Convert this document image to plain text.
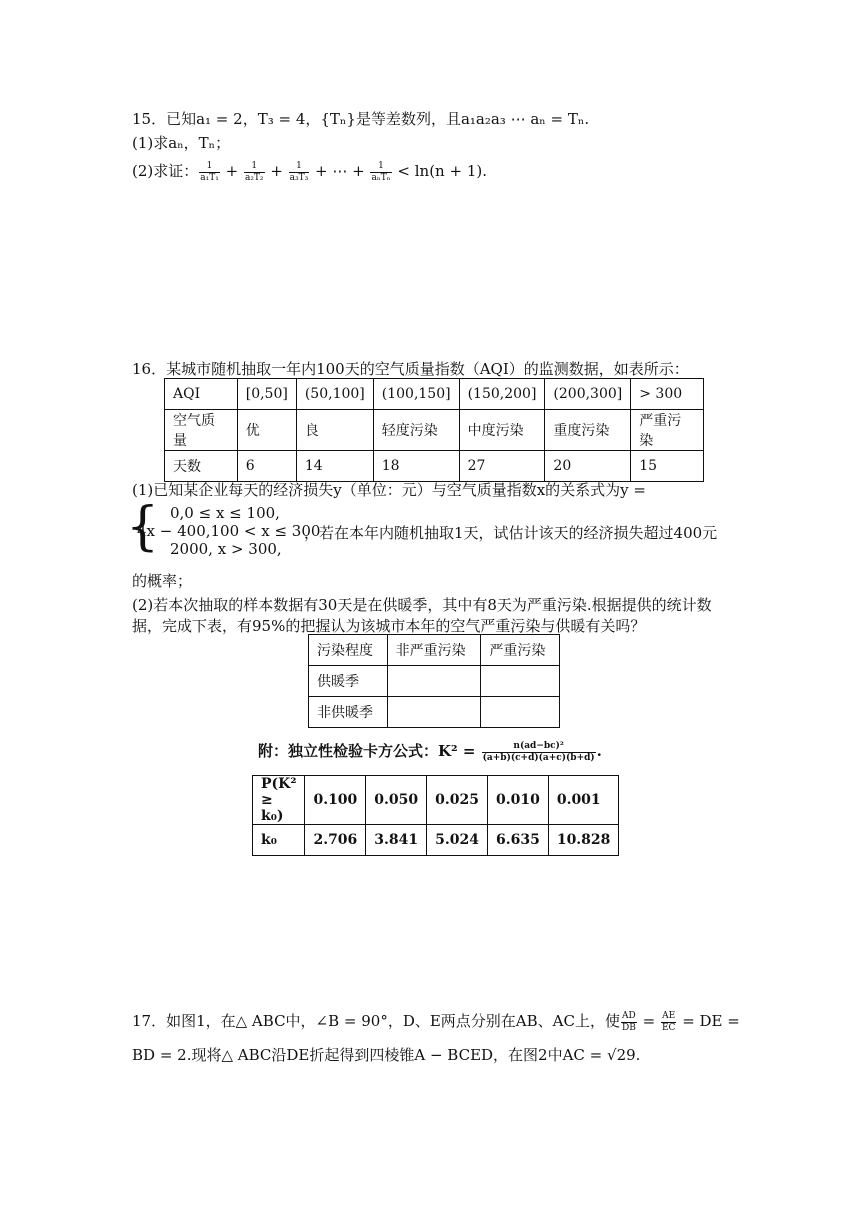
15．已知a₁ = 2，T₃ = 4，{Tₙ}是等差数列，且a₁a₂a₃ ⋯ aₙ = Tₙ.
(1)求aₙ，Tₙ；
(2)求证： $\frac{1}{\text{a₁T₁}} + \frac{1}{\text{a₂T₂}} + \frac{1}{\text{a₃T₃}}$ + ⋯ + $\frac{1}{\text{aₙTₙ}} < \ln(n + 1)$.
16．某城市随机抽取一年内100天的空气质量指数（AQI）的监测数据，如表所示：
AQI	[0,50]	(50,100]	(100,150]	(150,200]	(200,300]	> 300
空气质量	优	良	轻度污染	中度污染	重度污染	严重污染
天数	6	14	18	27	20	15
(1)已知某企业每天的经济损失y（单位：元）与空气质量指数x的关系式为y =
{ 0,0 ≤ x ≤ 100,
4x − 400,100 < x ≤ 300
2000, x > 300,
，若在本年内随机抽取1天，试估计该天的经济损失超过400元
的概率；
(2)若本次抽取的样本数据有30天是在供暖季，其中有8天为严重污染.根据提供的统计数
据，完成下表，有95%的把握认为该城市本年的空气严重污染与供暖有关吗？
污染程度	非严重污染	严重污染
供暖季		
非供暖季		
附：独立性检验卡方公式：$K^2 = \frac{\text{n(ad−bc)²}}{(a+b)(c+d)(a+c)(b+d)}$ .
P(K² ≥ k₀)	0.100	0.050	0.025	0.010	0.001
k₀	2.706	3.841	5.024	6.635	10.828
17．如图1，在△ ABC中，∠B = 90°，D、E两点分别在AB、AC上，使 $\frac{AD}{DB} = \frac{AE}{EC}$ = DE =
BD = 2.现将△ ABC沿DE折起得到四棱锥A − BCED，在图2中AC = √29.
